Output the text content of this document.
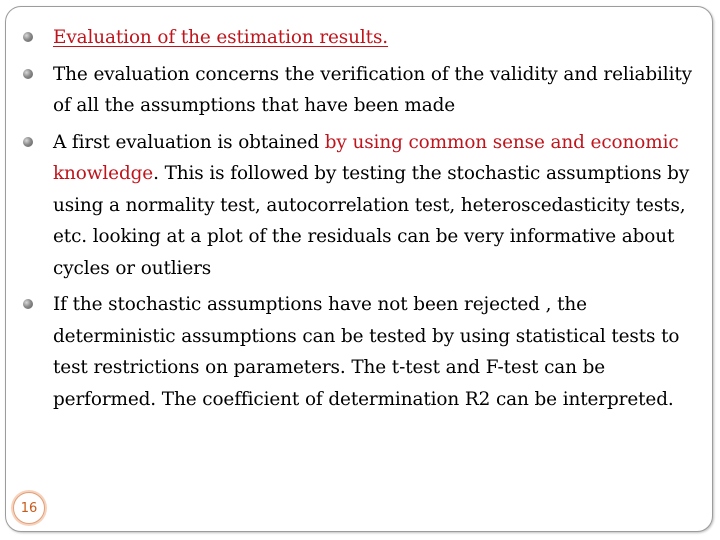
Evaluation of the estimation results.
The evaluation concerns the verification of the validity and reliability of all the assumptions that have been made
A first evaluation is obtained by using common sense and economic knowledge. This is followed by testing the stochastic assumptions by using a normality test, autocorrelation test, heteroscedasticity tests, etc. looking at a plot of the residuals can be very informative about cycles or outliers
If the stochastic assumptions have not been rejected , the deterministic assumptions can be tested by using statistical tests to test restrictions on parameters. The t-test and F-test can be performed. The coefficient of determination R2 can be interpreted.
16
